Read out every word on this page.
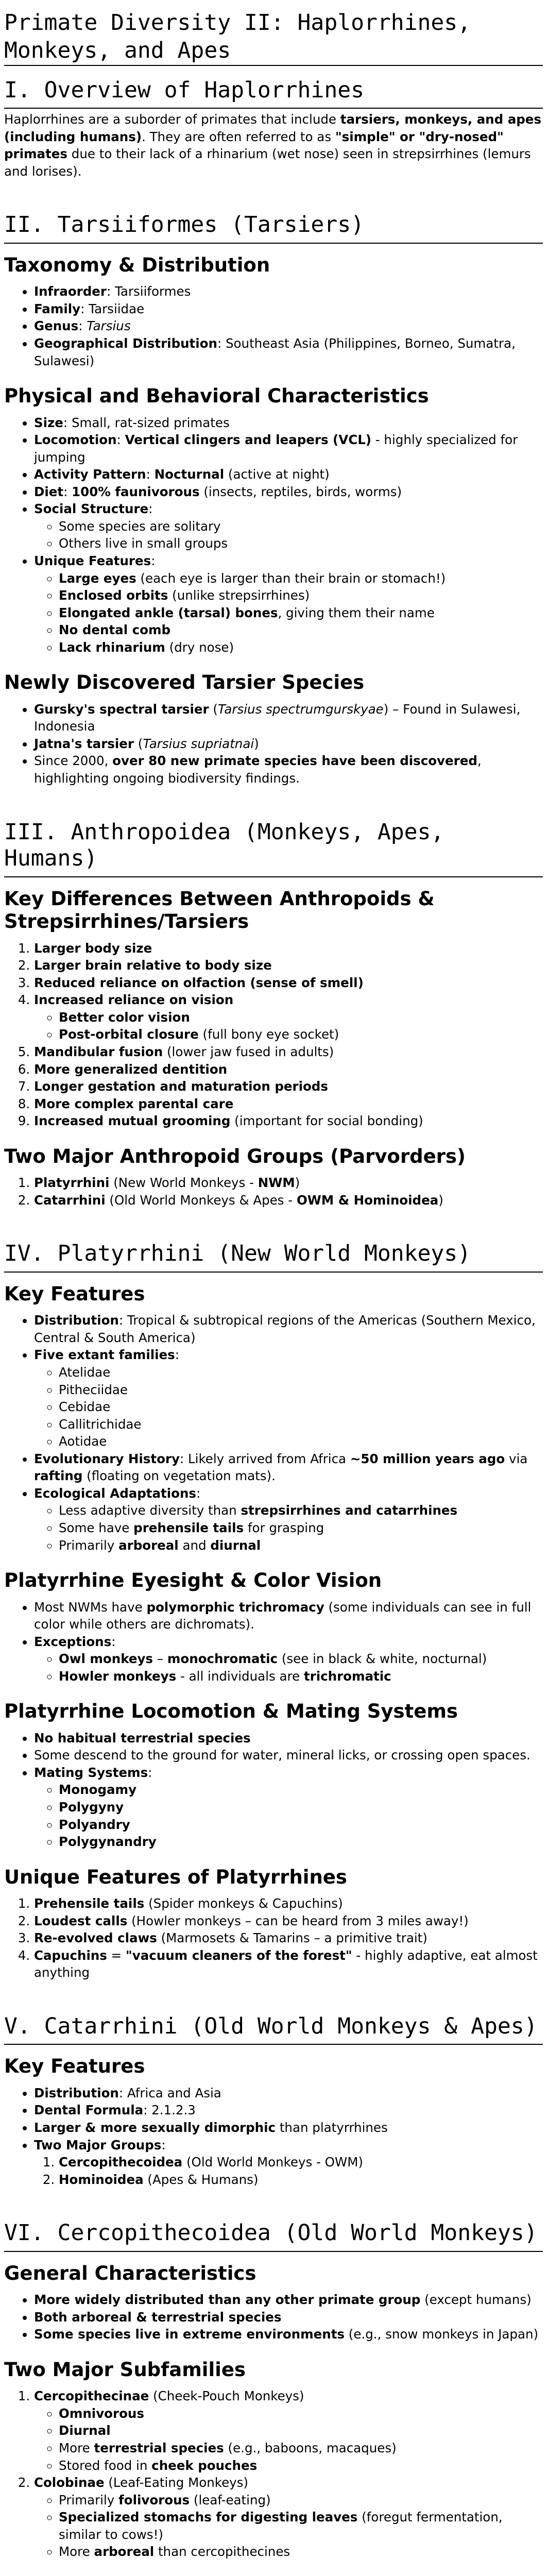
Primate Diversity II: Haplorrhines, Monkeys, and Apes
I. Overview of Haplorrhines

Haplorrhines are a suborder of primates that include tarsiers, monkeys, and apes (including humans). They are often referred to as "simple" or "dry-nosed" primates due to their lack of a rhinarium (wet nose) seen in strepsirrhines (lemurs and lorises).

II. Tarsiiformes (Tarsiers)
Taxonomy & Distribution
• Infraorder: Tarsiiformes
• Family: Tarsiidae
• Genus: Tarsius
• Geographical Distribution: Southeast Asia (Philippines, Borneo, Sumatra, Sulawesi)
Physical and Behavioral Characteristics
• Size: Small, rat-sized primates
• Locomotion: Vertical clingers and leapers (VCL) - highly specialized for jumping
• Activity Pattern: Nocturnal (active at night)
• Diet: 100% faunivorous (insects, reptiles, birds, worms)
• Social Structure:
◦ Some species are solitary
◦ Others live in small groups
• Unique Features:
◦ Large eyes (each eye is larger than their brain or stomach!)
◦ Enclosed orbits (unlike strepsirrhines)
◦ Elongated ankle (tarsal) bones, giving them their name
◦ No dental comb
◦ Lack rhinarium (dry nose)
Newly Discovered Tarsier Species
• Gursky's spectral tarsier (Tarsius spectrumgurskyae) – Found in Sulawesi, Indonesia
• Jatna's tarsier (Tarsius supriatnai)
• Since 2000, over 80 new primate species have been discovered, highlighting ongoing biodiversity findings.
III. Anthropoidea (Monkeys, Apes, Humans)
Key Differences Between Anthropoids & Strepsirrhines/Tarsiers
1. Larger body size
2. Larger brain relative to body size
3. Reduced reliance on olfaction (sense of smell)
4. Increased reliance on vision
◦ Better color vision
◦ Post-orbital closure (full bony eye socket)
5. Mandibular fusion (lower jaw fused in adults)
6. More generalized dentition
7. Longer gestation and maturation periods
8. More complex parental care
9. Increased mutual grooming (important for social bonding)
Two Major Anthropoid Groups (Parvorders)
1. Platyrrhini (New World Monkeys - NWM)
2. Catarrhini (Old World Monkeys & Apes - OWM & Hominoidea)
IV. Platyrrhini (New World Monkeys)
Key Features
• Distribution: Tropical & subtropical regions of the Americas (Southern Mexico, Central & South America)
• Five extant families:
◦ Atelidae
◦ Pitheciidae
◦ Cebidae
◦ Callitrichidae
◦ Aotidae
• Evolutionary History: Likely arrived from Africa ~50 million years ago via rafting (floating on vegetation mats).
• Ecological Adaptations:
◦ Less adaptive diversity than strepsirrhines and catarrhines
◦ Some have prehensile tails for grasping
◦ Primarily arboreal and diurnal
Platyrrhine Eyesight & Color Vision
• Most NWMs have polymorphic trichromacy (some individuals can see in full color while others are dichromats).
• Exceptions:
◦ Owl monkeys – monochromatic (see in black & white, nocturnal)
◦ Howler monkeys - all individuals are trichromatic
Platyrrhine Locomotion & Mating Systems
• No habitual terrestrial species
• Some descend to the ground for water, mineral licks, or crossing open spaces.
• Mating Systems:
◦ Monogamy
◦ Polygyny
◦ Polyandry
◦ Polygynandry
Unique Features of Platyrrhines
1. Prehensile tails (Spider monkeys & Capuchins)
2. Loudest calls (Howler monkeys – can be heard from 3 miles away!)
3. Re-evolved claws (Marmosets & Tamarins – a primitive trait)
4. Capuchins = "vacuum cleaners of the forest" - highly adaptive, eat almost anything
V. Catarrhini (Old World Monkeys & Apes)
Key Features
• Distribution: Africa and Asia
• Dental Formula: 2.1.2.3
• Larger & more sexually dimorphic than platyrrhines
• Two Major Groups:
1. Cercopithecoidea (Old World Monkeys - OWM)
2. Hominoidea (Apes & Humans)
VI. Cercopithecoidea (Old World Monkeys)
General Characteristics
• More widely distributed than any other primate group (except humans)
• Both arboreal & terrestrial species
• Some species live in extreme environments (e.g., snow monkeys in Japan)
Two Major Subfamilies
1. Cercopithecinae (Cheek-Pouch Monkeys)
◦ Omnivorous
◦ Diurnal
◦ More terrestrial species (e.g., baboons, macaques)
◦ Stored food in cheek pouches
2. Colobinae (Leaf-Eating Monkeys)
◦ Primarily folivorous (leaf-eating)
◦ Specialized stomachs for digesting leaves (foregut fermentation, similar to cows!)
◦ More arboreal than cercopithecines
